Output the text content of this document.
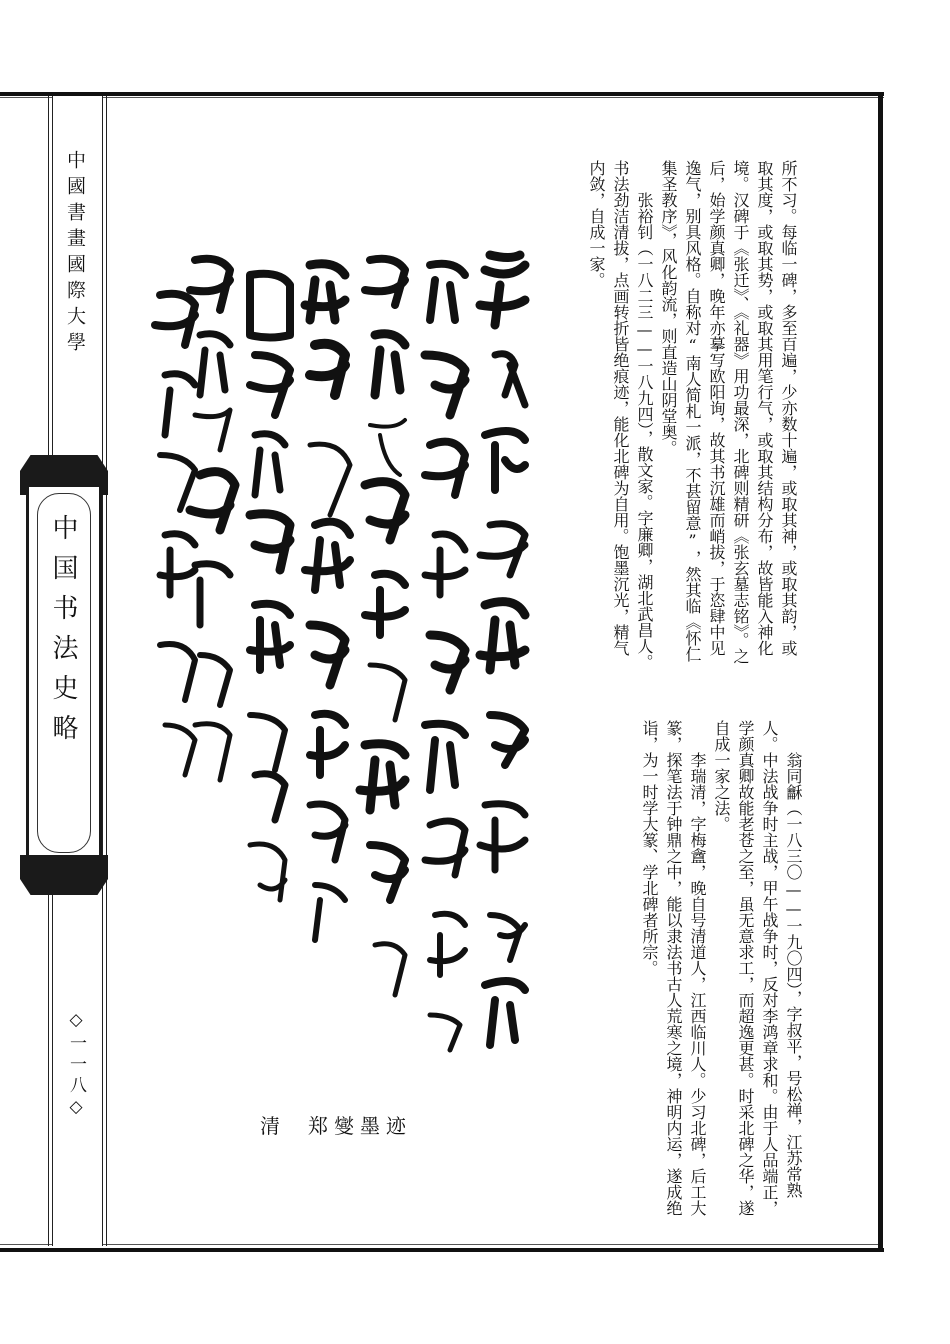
中國書畫國際大學
中国书法史略
◇一一八◇

所不习。每临一碑，多至百遍，少亦数十遍，或取其神，或取其韵，或取其度，或取其势，或取其用笔行气，或取其结构分布，故皆能入神化境。汉碑于《张迁》、《礼器》用功最深，北碑则精研《张玄墓志铭》。之后，始学颜真卿，晚年亦摹写欧阳询，故其书沉雄而峭拔，于恣肆中见逸气，别具风格。自称对“南人简札一派，不甚留意”，然其临《怀仁集圣教序》，风化韵流，则直造山阴堂奥。

张裕钊（一八二三——一八九四），散文家。字廉卿，湖北武昌人。书法劲洁清拔，点画转折皆绝痕迹，能化北碑为自用。饱墨沉光，精气内敛，自成一家。

翁同龢（一八三〇——一九〇四），字叔平，号松禅，江苏常熟人。中法战争时主战，甲午战争时，反对李鸿章求和。由于人品端正，学颜真卿故能老苍之至，虽无意求工，而超逸更甚。时采北碑之华，遂自成一家之法。

李瑞清，字梅盦，晚自号清道人，江西临川人。少习北碑，后工大篆，探笔法于钟鼎之中，能以隶法书古人荒寒之境，神明内运，遂成绝诣，为一时学大篆、学北碑者所宗。

清 郑燮墨迹
